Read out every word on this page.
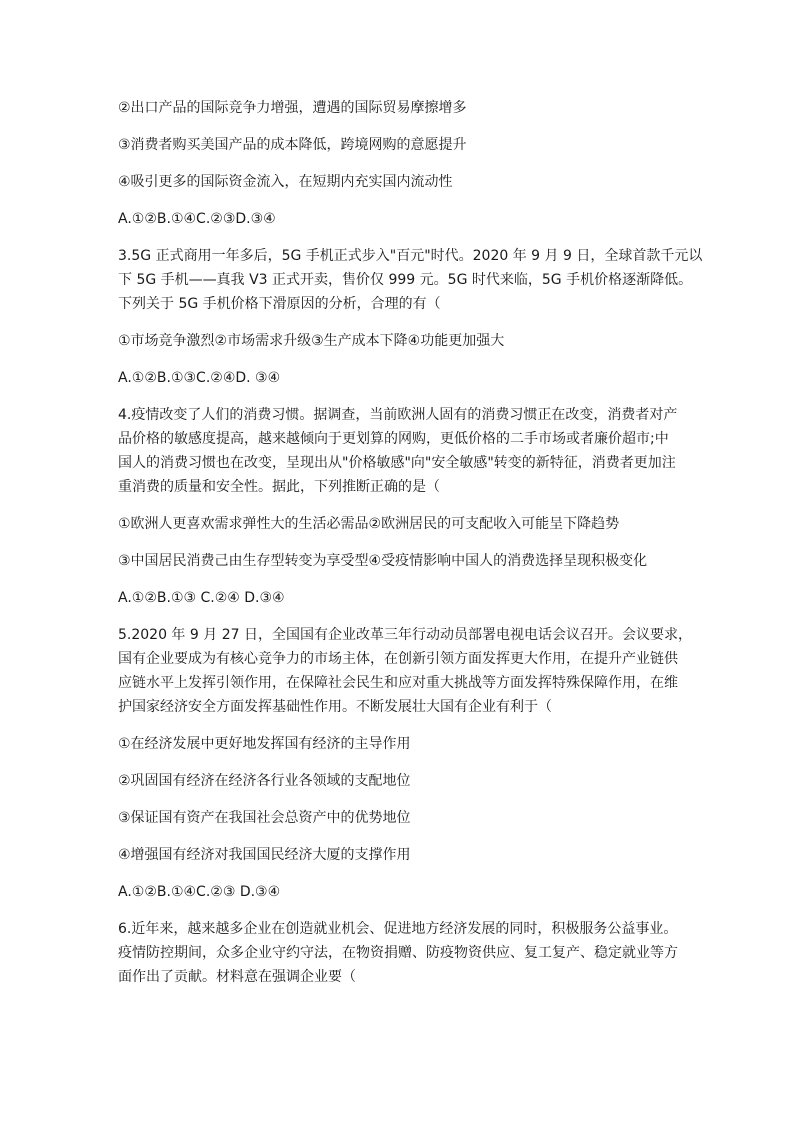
②出口产品的国际竞争力增强，遭遇的国际贸易摩擦增多

③消费者购买美国产品的成本降低，跨境网购的意愿提升

④吸引更多的国际资金流入，在短期内充实国内流动性

A.①②B.①④C.②③D.③④

3.5G 正式商用一年多后，5G 手机正式步入"百元"时代。2020 年 9 月 9 日，全球首款千元以

下 5G 手机——真我 V3 正式开卖，售价仅 999 元。5G 时代来临，5G 手机价格逐渐降低。

下列关于 5G 手机价格下滑原因的分析，合理的有（

①市场竞争激烈②市场需求升级③生产成本下降④功能更加强大

A.①②B.①③C.②④D. ③④

4.疫情改变了人们的消费习惯。据调查，当前欧洲人固有的消费习惯正在改变，消费者对产

品价格的敏感度提高，越来越倾向于更划算的网购，更低价格的二手市场或者廉价超市;中

国人的消费习惯也在改变，呈现出从"价格敏感"向"安全敏感"转变的新特征，消费者更加注

重消费的质量和安全性。据此，下列推断正确的是（

①欧洲人更喜欢需求弹性大的生活必需品②欧洲居民的可支配收入可能呈下降趋势

③中国居民消费己由生存型转变为享受型④受疫情影响中国人的消费选择呈现积极变化

A.①②B.①③ C.②④ D.③④

5.2020 年 9 月 27 日，全国国有企业改革三年行动动员部署电视电话会议召开。会议要求，

国有企业要成为有核心竞争力的市场主体，在创新引领方面发挥更大作用，在提升产业链供

应链水平上发挥引领作用，在保障社会民生和应对重大挑战等方面发挥特殊保障作用，在维

护国家经济安全方面发挥基础性作用。不断发展壮大国有企业有利于（

①在经济发展中更好地发挥国有经济的主导作用

②巩固国有经济在经济各行业各领域的支配地位

③保证国有资产在我国社会总资产中的优势地位

④增强国有经济对我国国民经济大厦的支撑作用

A.①②B.①④C.②③ D.③④

6.近年来，越来越多企业在创造就业机会、促进地方经济发展的同时，积极服务公益事业。

疫情防控期间，众多企业守约守法，在物资捐赠、防疫物资供应、复工复产、稳定就业等方

面作出了贡献。材料意在强调企业要（
